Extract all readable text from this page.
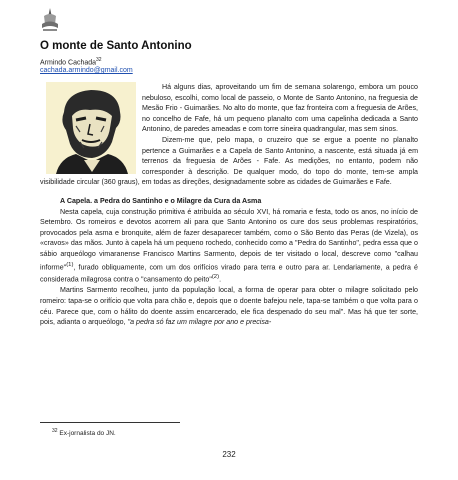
O monte de Santo Antonino
Armindo Cachada$^{32}$
cachada.armindo@gmail.com

Há alguns dias, aproveitando um fim de semana solarengo, embora um pouco nebuloso, escolhi, como local de passeio, o Monte de Santo Antonino, na freguesia de Mesão Frio - Guimarães. No alto do monte, que faz fronteira com a freguesia de Arões, no concelho de Fafe, há um pequeno planalto com uma capelinha dedicada a Santo Antonino, de paredes ameadas e com torre sineira quadrangular, mas sem sinos.

Dizem-me que, pelo mapa, o cruzeiro que se ergue a poente no planalto pertence a Guimarães e a Capela de Santo Antonino, a nascente, está situada já em terrenos da freguesia de Arões - Fafe. As medições, no entanto, podem não corresponder à descrição. De qualquer modo, do topo do monte, tem-se ampla visibilidade circular (360 graus), em todas as direções, designadamente sobre as cidades de Guimarães e Fafe.

A Capela. a Pedra do Santinho e o Milagre da Cura da Asma

Nesta capela, cuja construção primitiva é atribuída ao século XVI, há romaria e festa, todo os anos, no início de Setembro. Os romeiros e devotos acorrem ali para que Santo Antonino os cure dos seus problemas respiratórios, provocados pela asma e bronquite, além de fazer desaparecer também, como o São Bento das Peras (de Vizela), os «cravos» das mãos. Junto à capela há um pequeno rochedo, conhecido como a "Pedra do Santinho", pedra essa que o sábio arqueólogo vimaranense Francisco Martins Sarmento, depois de ter visitado o local, descreve como "calhau informe"$^{(1)}$, furado obliquamente, com um dos orifícios virado para terra e outro para ar. Lendariamente, a pedra é considerada milagrosa contra o "cansamento do peito"$^{(2)}$.

Martins Sarmento recolheu, junto da população local, a forma de operar para obter o milagre solicitado pelo romeiro: tapa-se o orifício que volta para chão e, depois que o doente bafejou nele, tapa-se também o que volta para o céu. Parece que, com o hálito do doente assim encarcerado, ele fica despenado do seu mal". Mas há que ter sorte, pois, adianta o arqueólogo, "a pedra só faz um milagre por ano e precisa-

$^{32}$ Ex-jornalista do JN.
232
